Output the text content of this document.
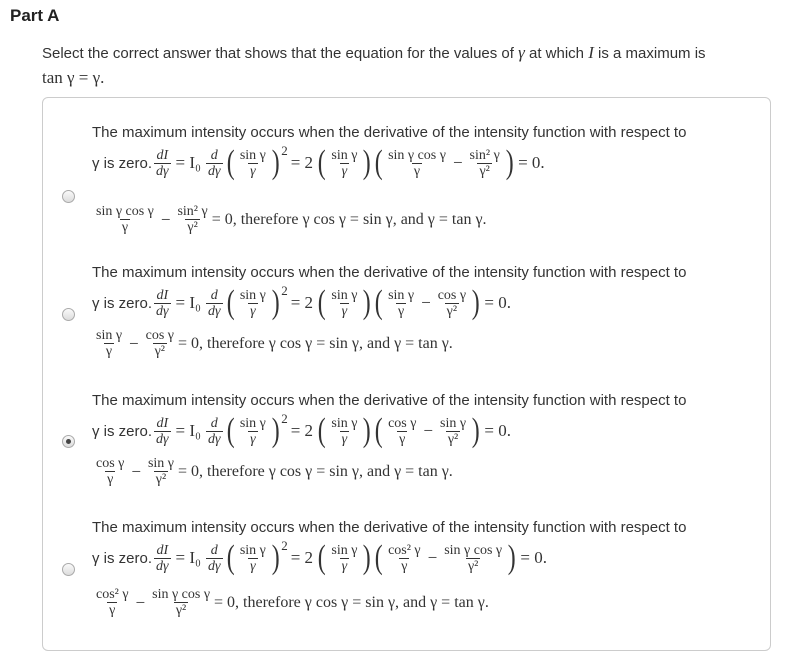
Part A
Select the correct answer that shows that the equation for the values of γ at which I is a maximum is
tan γ = γ.
The maximum intensity occurs when the derivative of the intensity function with respect to
γ is zero. $\frac{dI}{d\gamma} = I_0 \frac{d}{d\gamma}$ ( $\frac{\text{sin γ}}{\gamma}$ ) 2
= 2 ( $\frac{\text{sin γ}}{\gamma}$ ) ( $\frac{\text{sin γ cos γ}}{\gamma} - \frac{\text{sin² γ}}{\text{γ²}}$ ) = 0.
$\frac{\text{sin γ cos γ}}{\gamma} - \frac{\text{sin² γ}}{\text{γ²}} = 0$, therefore γ cos γ = sin γ, and γ = tan γ.
The maximum intensity occurs when the derivative of the intensity function with respect to
γ is zero. $\frac{dI}{d\gamma} = I_0 \frac{d}{d\gamma}$ ( $\frac{\text{sin γ}}{\gamma}$ ) 2
= 2 ( $\frac{\text{sin γ}}{\gamma}$ ) ( $\frac{\text{sin γ}}{\gamma} - \frac{\text{cos γ}}{\text{γ²}}$ ) = 0.
$\frac{\text{sin γ}}{\gamma} - \frac{\text{cos γ}}{\text{γ²}} = 0$, therefore γ cos γ = sin γ, and γ = tan γ.
The maximum intensity occurs when the derivative of the intensity function with respect to
γ is zero. $\frac{dI}{d\gamma} = I_0 \frac{d}{d\gamma}$ ( $\frac{\text{sin γ}}{\gamma}$ ) 2
= 2 ( $\frac{\text{sin γ}}{\gamma}$ ) ( $\frac{\text{cos γ}}{\gamma} - \frac{\text{sin γ}}{\text{γ²}}$ ) = 0.
$\frac{\text{cos γ}}{\gamma} - \frac{\text{sin γ}}{\text{γ²}} = 0$, therefore γ cos γ = sin γ, and γ = tan γ.
The maximum intensity occurs when the derivative of the intensity function with respect to
γ is zero. $\frac{dI}{d\gamma} = I_0 \frac{d}{d\gamma}$ ( $\frac{\text{sin γ}}{\gamma}$ ) 2
= 2 ( $\frac{\text{sin γ}}{\gamma}$ ) ( $\frac{\text{cos² γ}}{\gamma} - \frac{\text{sin γ cos γ}}{\text{γ²}}$ ) = 0.
$\frac{\text{cos² γ}}{\gamma} - \frac{\text{sin γ cos γ}}{\text{γ²}} = 0$, therefore γ cos γ = sin γ, and γ = tan γ.
